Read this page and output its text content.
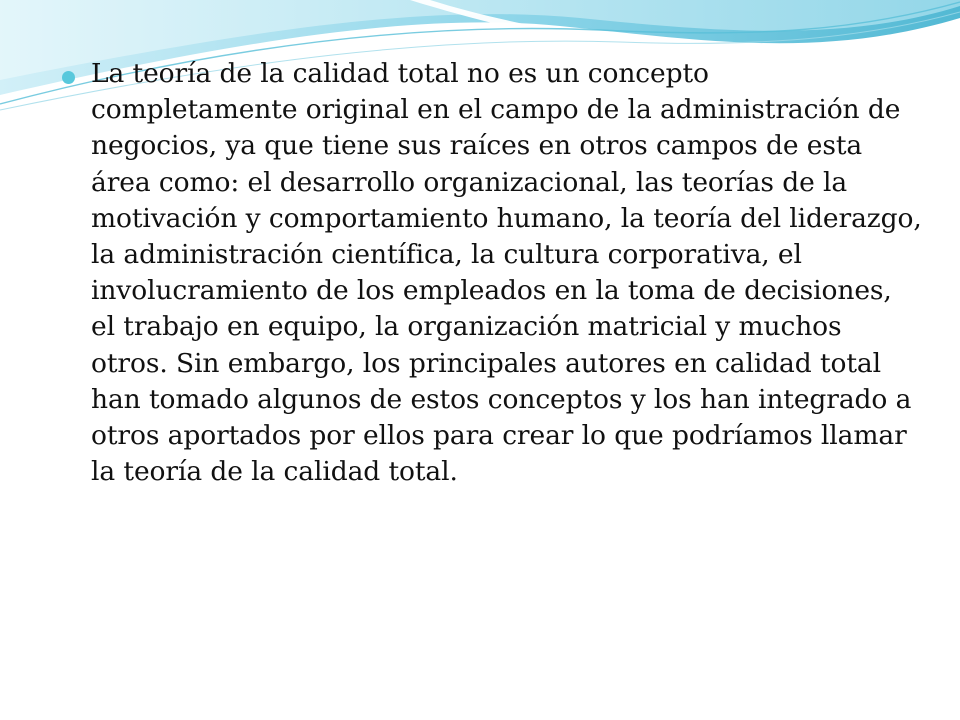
La teoría de la calidad total no es un concepto completamente original en el campo de la administración de negocios, ya que tiene sus raíces en otros campos de esta área como: el desarrollo organizacional, las teorías de la motivación y comportamiento humano, la teoría del liderazgo, la administración científica, la cultura corporativa, el involucramiento de los empleados en la toma de decisiones, el trabajo en equipo, la organización matricial y muchos otros. Sin embargo, los principales autores en calidad total han tomado algunos de estos conceptos y los han integrado a otros aportados por ellos para crear lo que podríamos llamar la teoría de la calidad total.
